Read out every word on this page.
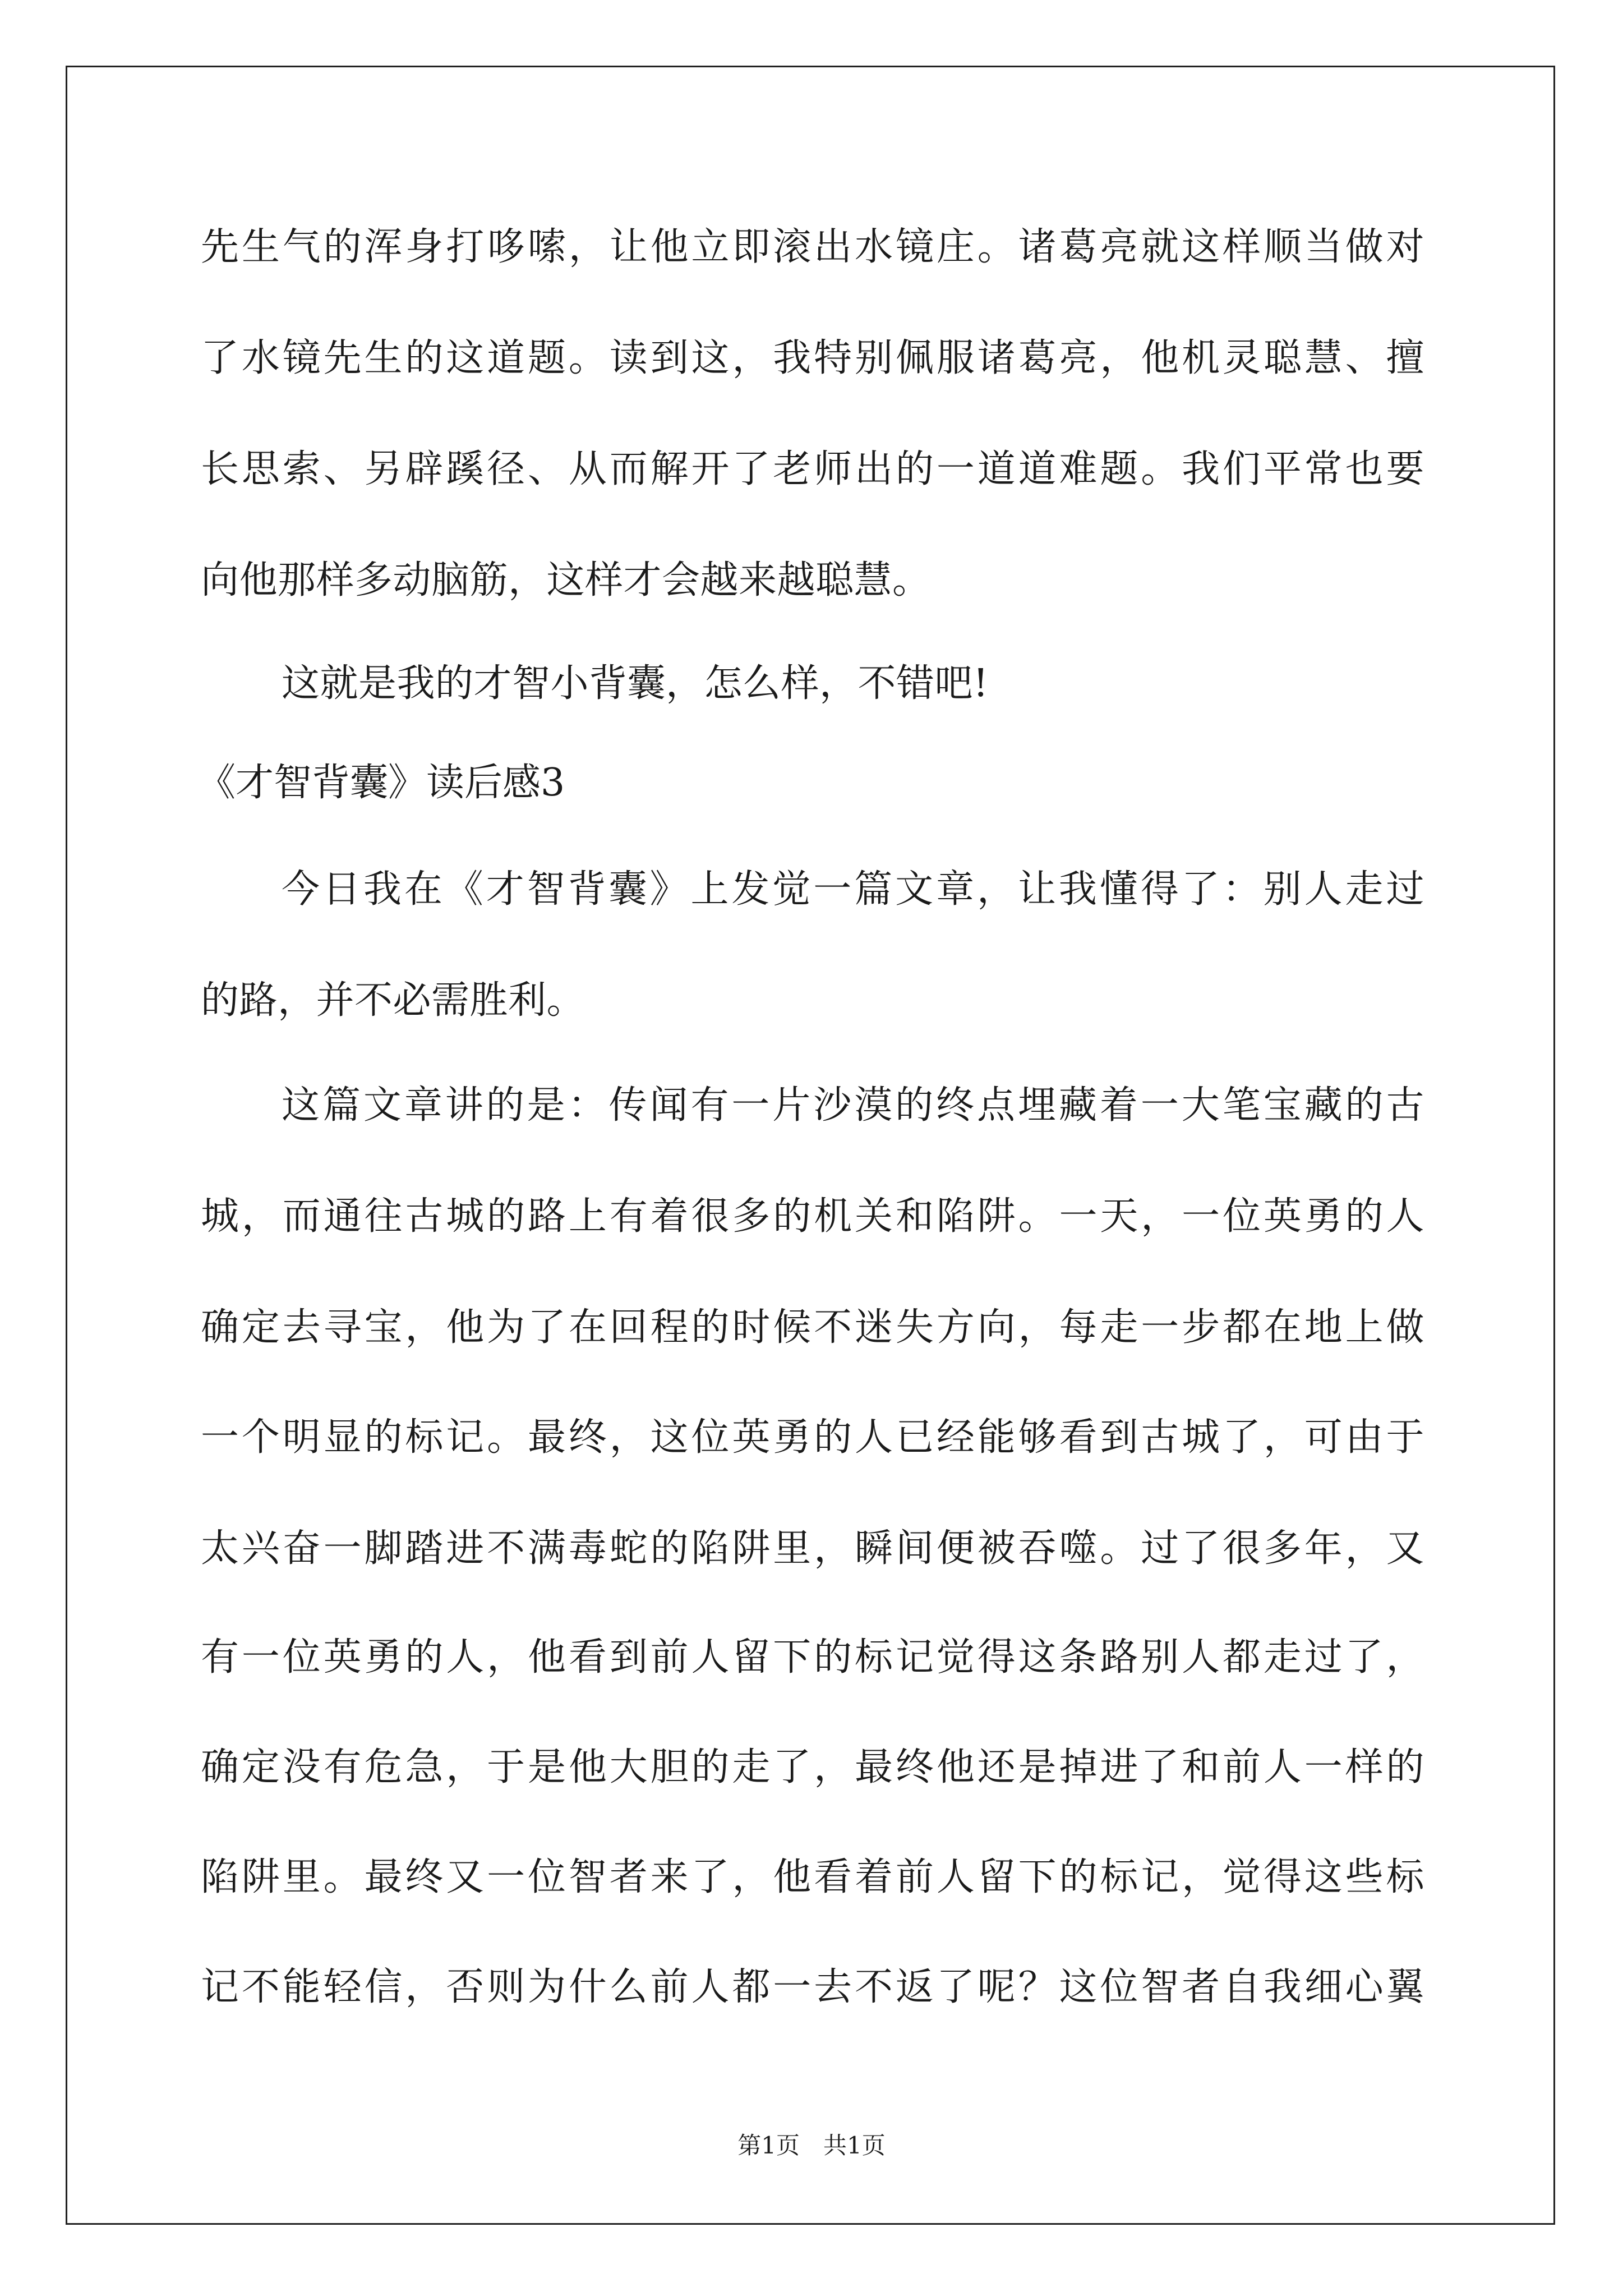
先生气的浑身打哆嗦，让他立即滚出水镜庄。诸葛亮就这样顺当做对
了水镜先生的这道题。读到这，我特别佩服诸葛亮，他机灵聪慧、擅
长思索、另辟蹊径、从而解开了老师出的一道道难题。我们平常也要
向他那样多动脑筋，这样才会越来越聪慧。
这就是我的才智小背囊，怎么样，不错吧!
《才智背囊》读后感3
今日我在《才智背囊》上发觉一篇文章，让我懂得了：别人走过
的路，并不必需胜利。
这篇文章讲的是：传闻有一片沙漠的终点埋藏着一大笔宝藏的古
城，而通往古城的路上有着很多的机关和陷阱。一天，一位英勇的人
确定去寻宝，他为了在回程的时候不迷失方向，每走一步都在地上做
一个明显的标记。最终，这位英勇的人已经能够看到古城了，可由于
太兴奋一脚踏进不满毒蛇的陷阱里，瞬间便被吞噬。过了很多年，又
有一位英勇的人，他看到前人留下的标记觉得这条路别人都走过了，
确定没有危急，于是他大胆的走了，最终他还是掉进了和前人一样的
陷阱里。最终又一位智者来了，他看着前人留下的标记，觉得这些标
记不能轻信，否则为什么前人都一去不返了呢？这位智者自我细心翼
第1页　共1页
